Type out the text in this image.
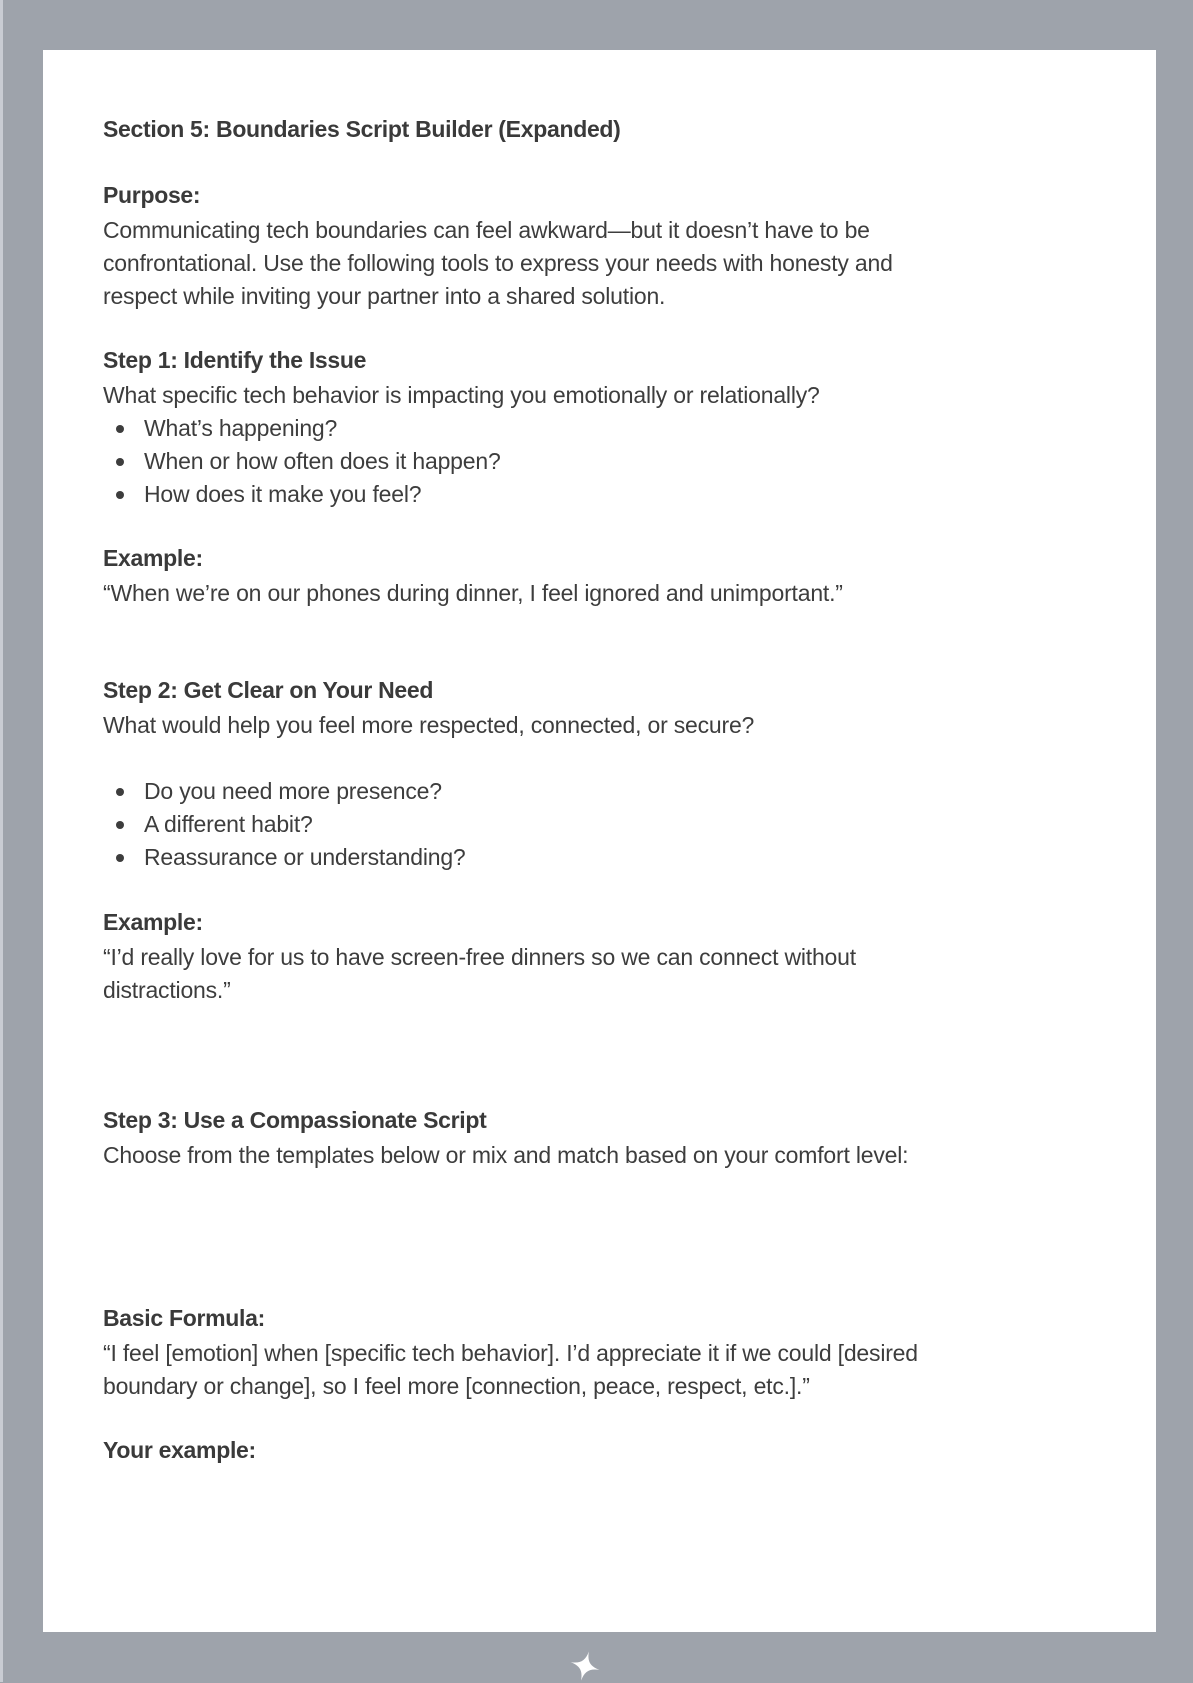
Section 5: Boundaries Script Builder (Expanded)
Purpose:
Communicating tech boundaries can feel awkward—but it doesn’t have to be
confrontational. Use the following tools to express your needs with honesty and
respect while inviting your partner into a shared solution.
Step 1: Identify the Issue
What specific tech behavior is impacting you emotionally or relationally?
What’s happening?
When or how often does it happen?
How does it make you feel?
Example:
“When we’re on our phones during dinner, I feel ignored and unimportant.”
Step 2: Get Clear on Your Need
What would help you feel more respected, connected, or secure?
Do you need more presence?
A different habit?
Reassurance or understanding?
Example:
“I’d really love for us to have screen-free dinners so we can connect without
distractions.”
Step 3: Use a Compassionate Script
Choose from the templates below or mix and match based on your comfort level:
Basic Formula:
“I feel [emotion] when [specific tech behavior]. I’d appreciate it if we could [desired
boundary or change], so I feel more [connection, peace, respect, etc.].”
Your example:
